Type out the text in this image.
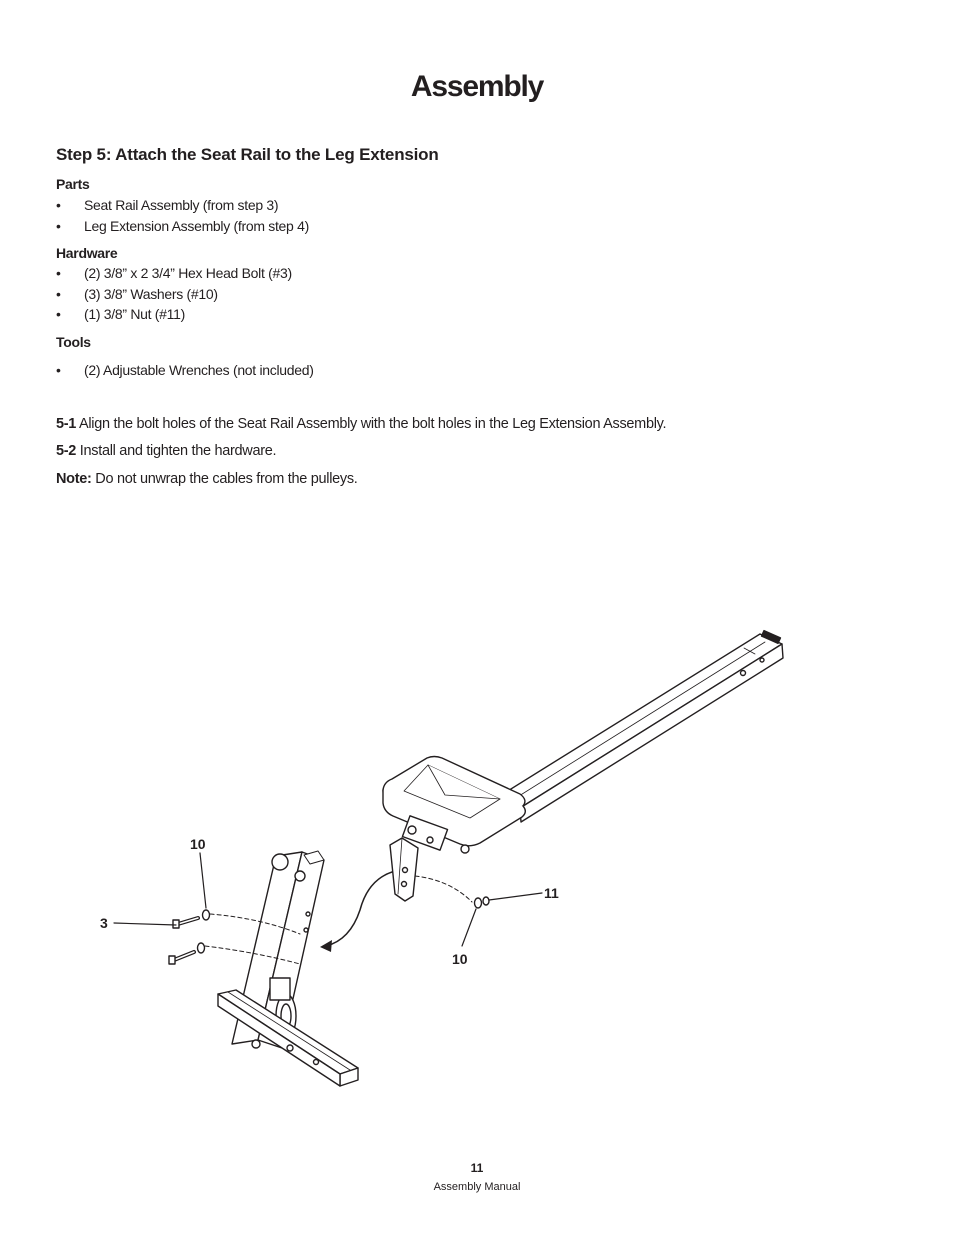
Assembly
Step 5: Attach the Seat Rail to the Leg Extension
Parts
• Seat Rail Assembly (from step 3)
• Leg Extension Assembly (from step 4)
Hardware
• (2) 3/8” x 2 3/4” Hex Head Bolt (#3)
• (3) 3/8” Washers (#10)
• (1) 3/8” Nut (#11)
Tools
• (2) Adjustable Wrenches (not included)

5-1 Align the bolt holes of the Seat Rail Assembly with the bolt holes in the Leg Extension Assembly.

5-2 Install and tighten the hardware.

Note: Do not unwrap the cables from the pulleys.

10
3
11
10
11
Assembly Manual
